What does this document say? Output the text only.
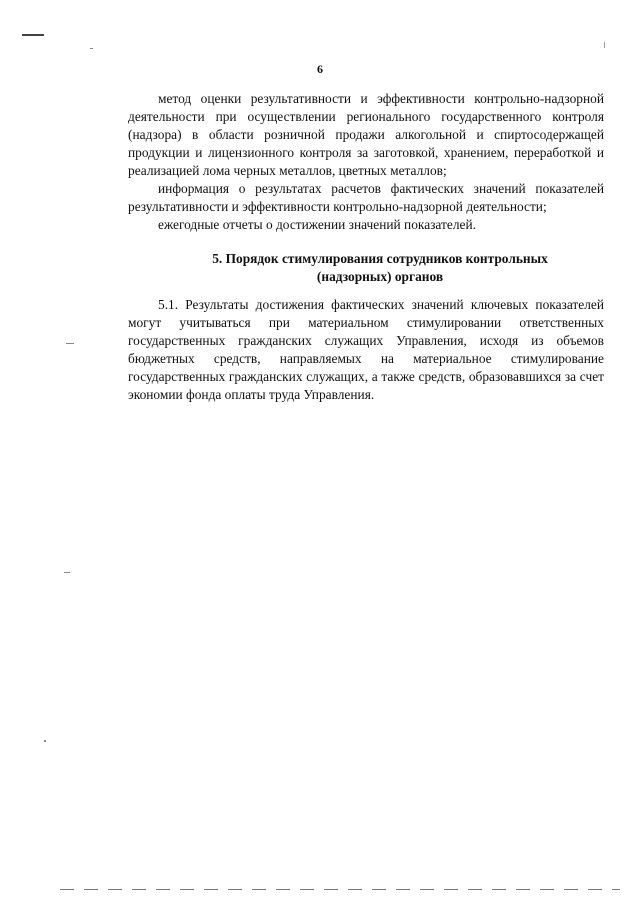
6

метод оценки результативности и эффективности контрольно-надзорной деятельности при осуществлении регионального государственного контроля (надзора) в области розничной продажи алкогольной и спиртосодержащей продукции и лицензионного контроля за заготовкой, хранением, переработкой и реализацией лома черных металлов, цветных металлов;

информация о результатах расчетов фактических значений показателей результативности и эффективности контрольно-надзорной деятельности;

ежегодные отчеты о достижении значений показателей.

5. Порядок стимулирования сотрудников контрольных
(надзорных) органов

5.1. Результаты достижения фактических значений ключевых показателей могут учитываться при материальном стимулировании ответственных государственных гражданских служащих Управления, исходя из объемов бюджетных средств, направляемых на материальное стимулирование государственных гражданских служащих, а также средств, образовавшихся за счет экономии фонда оплаты труда Управления.
